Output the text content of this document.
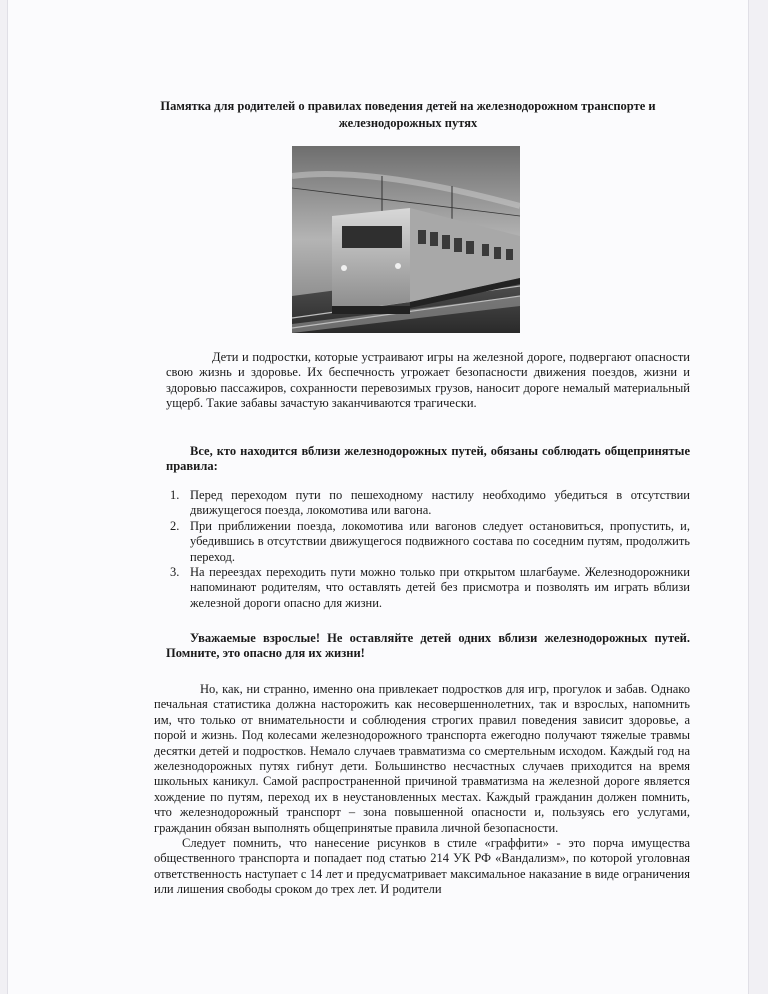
Памятка для родителей о правилах поведения детей на железнодорожном транспорте и железнодорожных путях

Дети и подростки, которые устраивают игры на железной дороге, подвергают опасности свою жизнь и здоровье. Их беспечность угрожает безопасности движения поездов, жизни и здоровью пассажиров, сохранности перевозимых грузов, наносит дороге немалый материальный ущерб. Такие забавы зачастую заканчиваются трагически.

Все, кто находится вблизи железнодорожных путей, обязаны соблюдать общепринятые правила:

1. Перед переходом пути по пешеходному настилу необходимо убедиться в отсутствии движущегося поезда, локомотива или вагона.
2. При приближении поезда, локомотива или вагонов следует остановиться, пропустить, и, убедившись в отсутствии движущегося подвижного состава по соседним путям, продолжить переход.
3. На переездах переходить пути можно только при открытом шлагбауме. Железнодорожники напоминают родителям, что оставлять детей без присмотра и позволять им играть вблизи железной дороги опасно для жизни.

Уважаемые взрослые! Не оставляйте детей одних вблизи железнодорожных путей. Помните, это опасно для их жизни!

Но, как, ни странно, именно она привлекает подростков для игр, прогулок и забав. Однако печальная статистика должна насторожить как несовершеннолетних, так и взрослых, напомнить им, что только от внимательности и соблюдения строгих правил поведения зависит здоровье, а порой и жизнь. Под колесами железнодорожного транспорта ежегодно получают тяжелые травмы десятки детей и подростков. Немало случаев травматизма со смертельным исходом. Каждый год на железнодорожных путях гибнут дети. Большинство несчастных случаев приходится на время школьных каникул. Самой распространенной причиной травматизма на железной дороге является хождение по путям, переход их в неустановленных местах. Каждый гражданин должен помнить, что железнодорожный транспорт – зона повышенной опасности и, пользуясь его услугами, гражданин обязан выполнять общепринятые правила личной безопасности.

Следует помнить, что нанесение рисунков в стиле «граффити» - это порча имущества общественного транспорта и попадает под статью 214 УК РФ «Вандализм», по которой уголовная ответственность наступает с 14 лет и предусматривает максимальное наказание в виде ограничения или лишения свободы сроком до трех лет. И родители
